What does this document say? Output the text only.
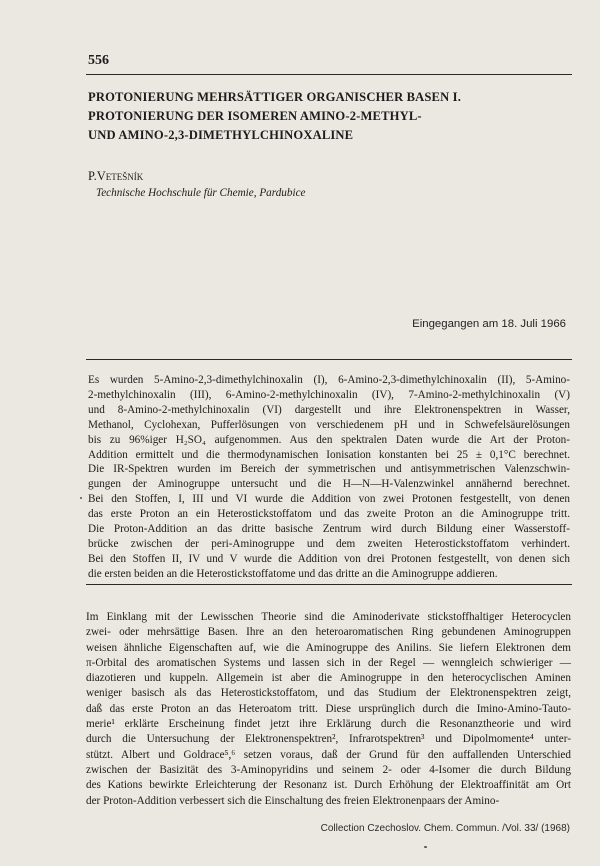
556
PROTONIERUNG MEHRSÄTTIGER ORGANISCHER BASEN I.
PROTONIERUNG DER ISOMEREN AMINO-2-METHYL-
UND AMINO-2,3-DIMETHYLCHINOXALINE
P.Vetešník
Technische Hochschule für Chemie, Pardubice
Eingegangen am 18. Juli 1966
Es wurden 5-Amino-2,3-dimethylchinoxalin (I), 6-Amino-2,3-dimethylchinoxalin (II), 5-Amino-
2-methylchinoxalin (III), 6-Amino-2-methylchinoxalin (IV), 7-Amino-2-methylchinoxalin (V)
und 8-Amino-2-methylchinoxalin (VI) dargestellt und ihre Elektronenspektren in Wasser,
Methanol, Cyclohexan, Pufferlösungen von verschiedenem pH und in Schwefelsäurelösungen
bis zu 96%iger H₂SO₄ aufgenommen. Aus den spektralen Daten wurde die Art der Proton-
Addition ermittelt und die thermodynamischen Ionisation konstanten bei 25 ± 0,1°C berechnet.
Die IR-Spektren wurden im Bereich der symmetrischen und antisymmetrischen Valenzschwin-
gungen der Aminogruppe untersucht und die H—N—H-Valenzwinkel annähernd berechnet.
Bei den Stoffen, I, III und VI wurde die Addition von zwei Protonen festgestellt, von denen
das erste Proton an ein Heterostickstoffatom und das zweite Proton an die Aminogruppe tritt.
Die Proton-Addition an das dritte basische Zentrum wird durch Bildung einer Wasserstoff-
brücke zwischen der peri-Aminogruppe und dem zweiten Heterostickstoffatom verhindert.
Bei den Stoffen II, IV und V wurde die Addition von drei Protonen festgestellt, von denen sich
die ersten beiden an die Heterostickstoffatome und das dritte an die Aminogruppe addieren.
Im Einklang mit der Lewisschen Theorie sind die Aminoderivate stickstoffhaltiger Heterocyclen
zwei- oder mehrsättige Basen. Ihre an den heteroaromatischen Ring gebundenen Aminogruppen
weisen ähnliche Eigenschaften auf, wie die Aminogruppe des Anilins. Sie liefern Elektronen dem
π-Orbital des aromatischen Systems und lassen sich in der Regel — wenngleich schwieriger —
diazotieren und kuppeln. Allgemein ist aber die Aminogruppe in den heterocyclischen Aminen
weniger basisch als das Heterostickstoffatom, und das Studium der Elektronenspektren zeigt,
daß das erste Proton an das Heteroatom tritt. Diese ursprünglich durch die Imino-Amino-Tauto-
merie¹ erklärte Erscheinung findet jetzt ihre Erklärung durch die Resonanztheorie und wird
durch die Untersuchung der Elektronenspektren², Infrarotspektren³ und Dipolmomente⁴ unter-
stützt. Albert und Goldrace⁵,⁶ setzen voraus, daß der Grund für den auffallenden Unterschied
zwischen der Basizität des 3-Aminopyridins und seinem 2- oder 4-Isomer die durch Bildung
des Kations bewirkte Erleichterung der Resonanz ist. Durch Erhöhung der Elektroaffinität am Ort
der Proton-Addition verbessert sich die Einschaltung des freien Elektronenpaars der Amino-
Collection Czechoslov. Chem. Commun. /Vol. 33/ (1968)
